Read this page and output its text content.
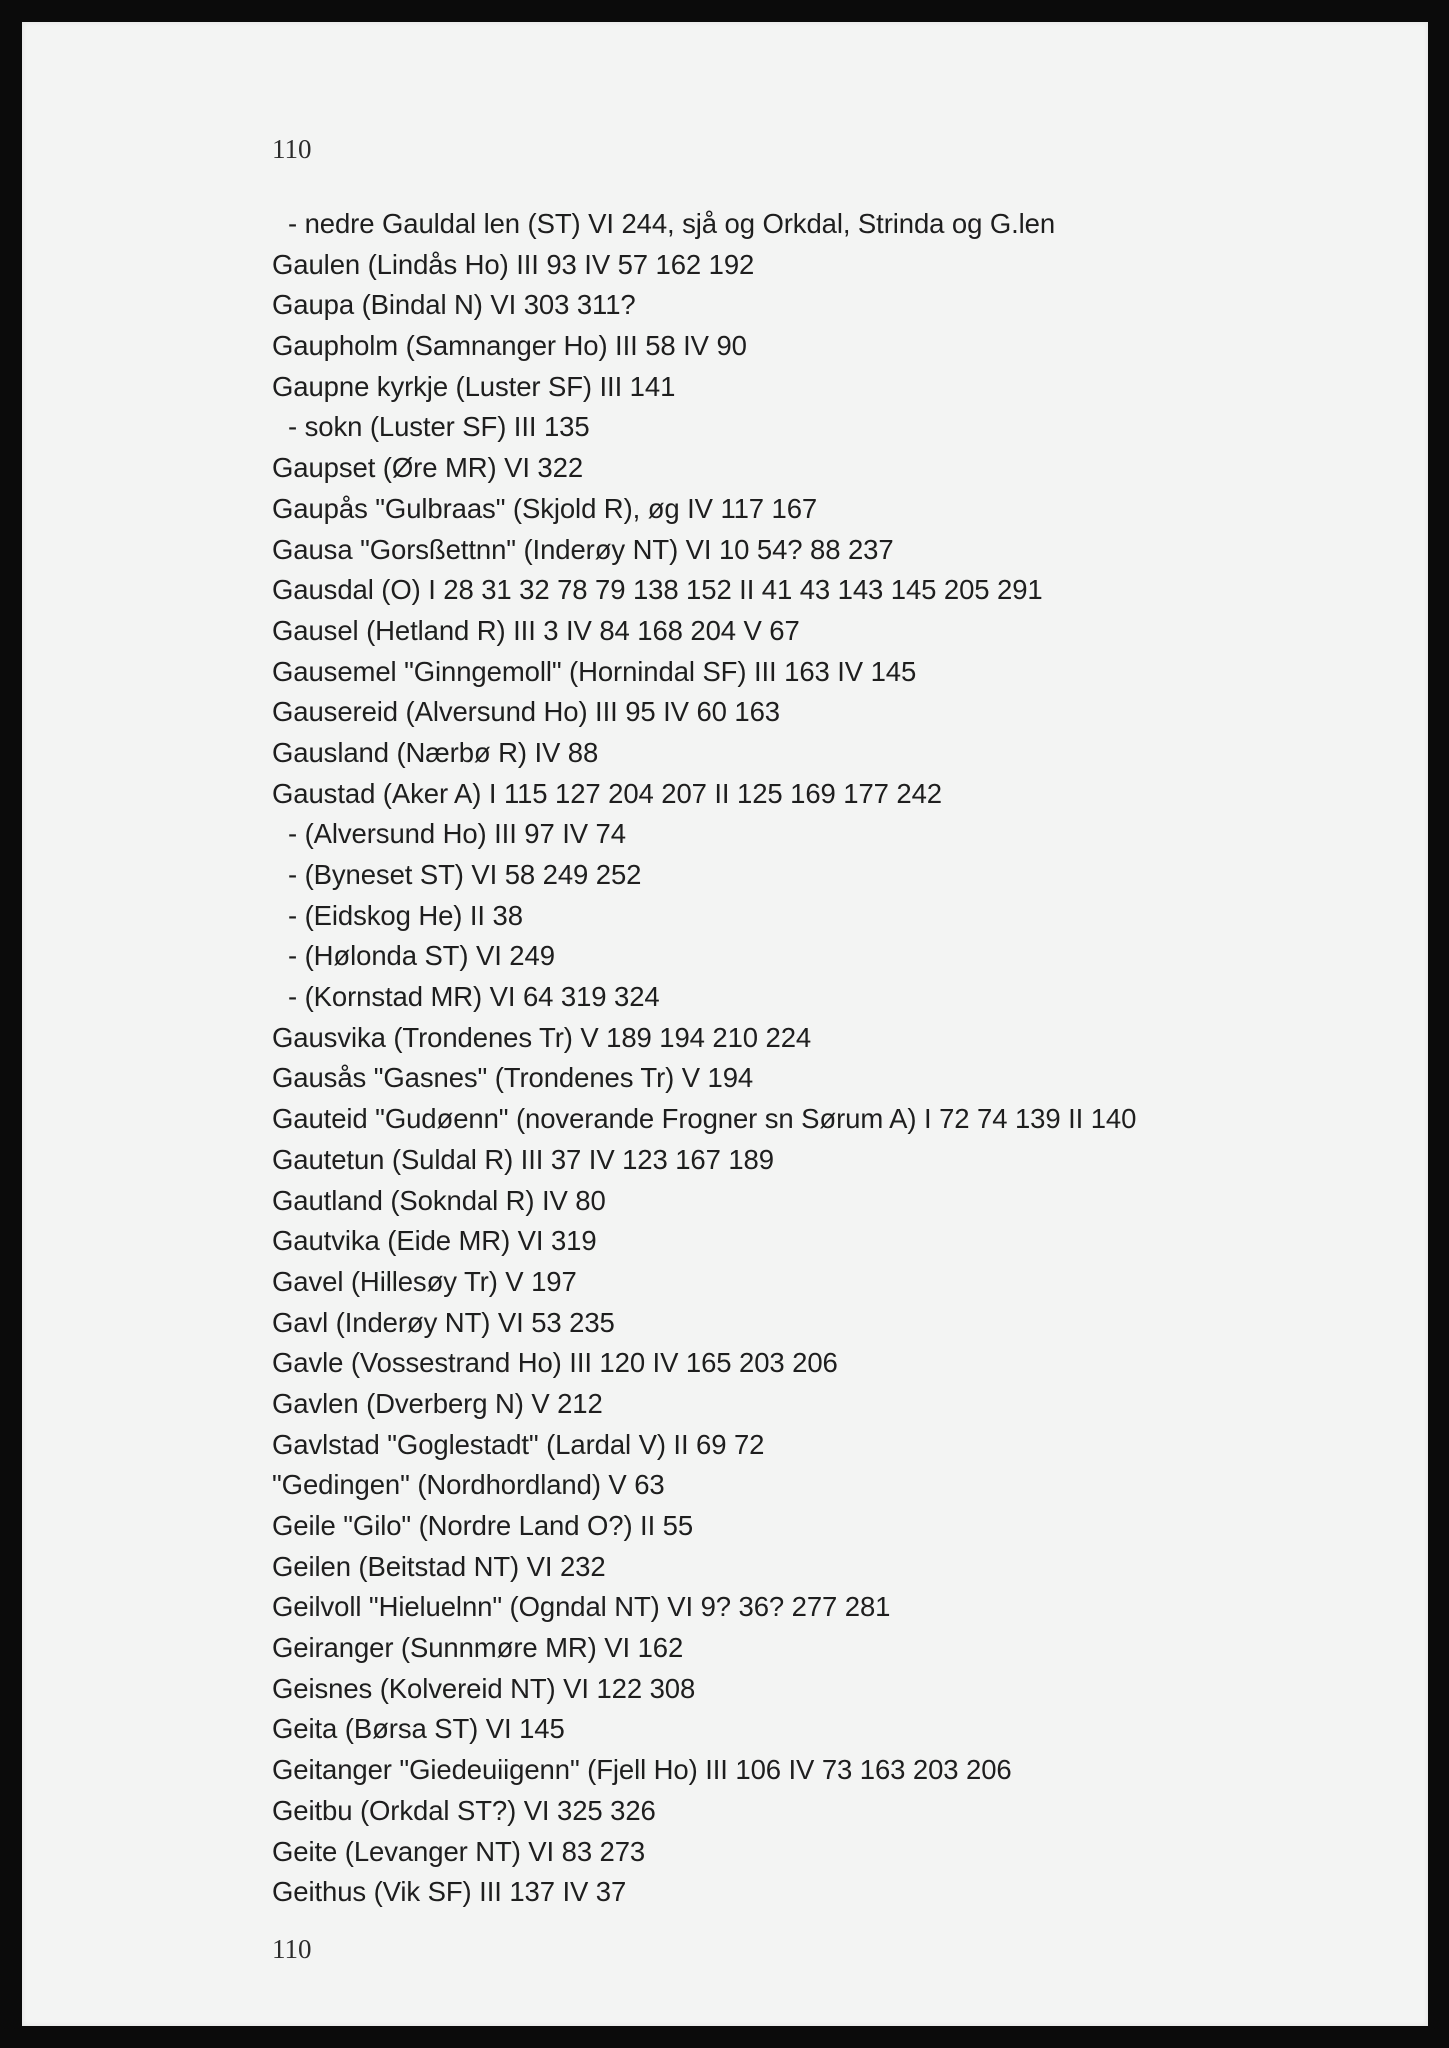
110
- nedre Gauldal len (ST) VI 244, sjå og Orkdal, Strinda og G.len
Gaulen (Lindås Ho) III 93 IV 57 162 192
Gaupa (Bindal N) VI 303 311?
Gaupholm (Samnanger Ho) III 58 IV 90
Gaupne kyrkje (Luster SF) III 141
- sokn (Luster SF) III 135
Gaupset (Øre MR) VI 322
Gaupås "Gulbraas" (Skjold R), øg IV 117 167
Gausa "Gorsßettnn" (Inderøy NT) VI 10 54? 88 237
Gausdal (O) I 28 31 32 78 79 138 152 II 41 43 143 145 205 291
Gausel (Hetland R) III 3 IV 84 168 204 V 67
Gausemel "Ginngemoll" (Hornindal SF) III 163 IV 145
Gausereid (Alversund Ho) III 95 IV 60 163
Gausland (Nærbø R) IV 88
Gaustad (Aker A) I 115 127 204 207 II 125 169 177 242
- (Alversund Ho) III 97 IV 74
- (Byneset ST) VI 58 249 252
- (Eidskog He) II 38
- (Hølonda ST) VI 249
- (Kornstad MR) VI 64 319 324
Gausvika (Trondenes Tr) V 189 194 210 224
Gausås "Gasnes" (Trondenes Tr) V 194
Gauteid "Gudøenn" (noverande Frogner sn Sørum A) I 72 74 139 II 140
Gautetun (Suldal R) III 37 IV 123 167 189
Gautland (Sokndal R) IV 80
Gautvika (Eide MR) VI 319
Gavel (Hillesøy Tr) V 197
Gavl (Inderøy NT) VI 53 235
Gavle (Vossestrand Ho) III 120 IV 165 203 206
Gavlen (Dverberg N) V 212
Gavlstad "Goglestadt" (Lardal V) II 69 72
"Gedingen" (Nordhordland) V 63
Geile "Gilo" (Nordre Land O?) II 55
Geilen (Beitstad NT) VI 232
Geilvoll "Hieluelnn" (Ogndal NT) VI 9? 36? 277 281
Geiranger (Sunnmøre MR) VI 162
Geisnes (Kolvereid NT) VI 122 308
Geita (Børsa ST) VI 145
Geitanger "Giedeuiigenn" (Fjell Ho) III 106 IV 73 163 203 206
Geitbu (Orkdal ST?) VI 325 326
Geite (Levanger NT) VI 83 273
Geithus (Vik SF) III 137 IV 37
110
